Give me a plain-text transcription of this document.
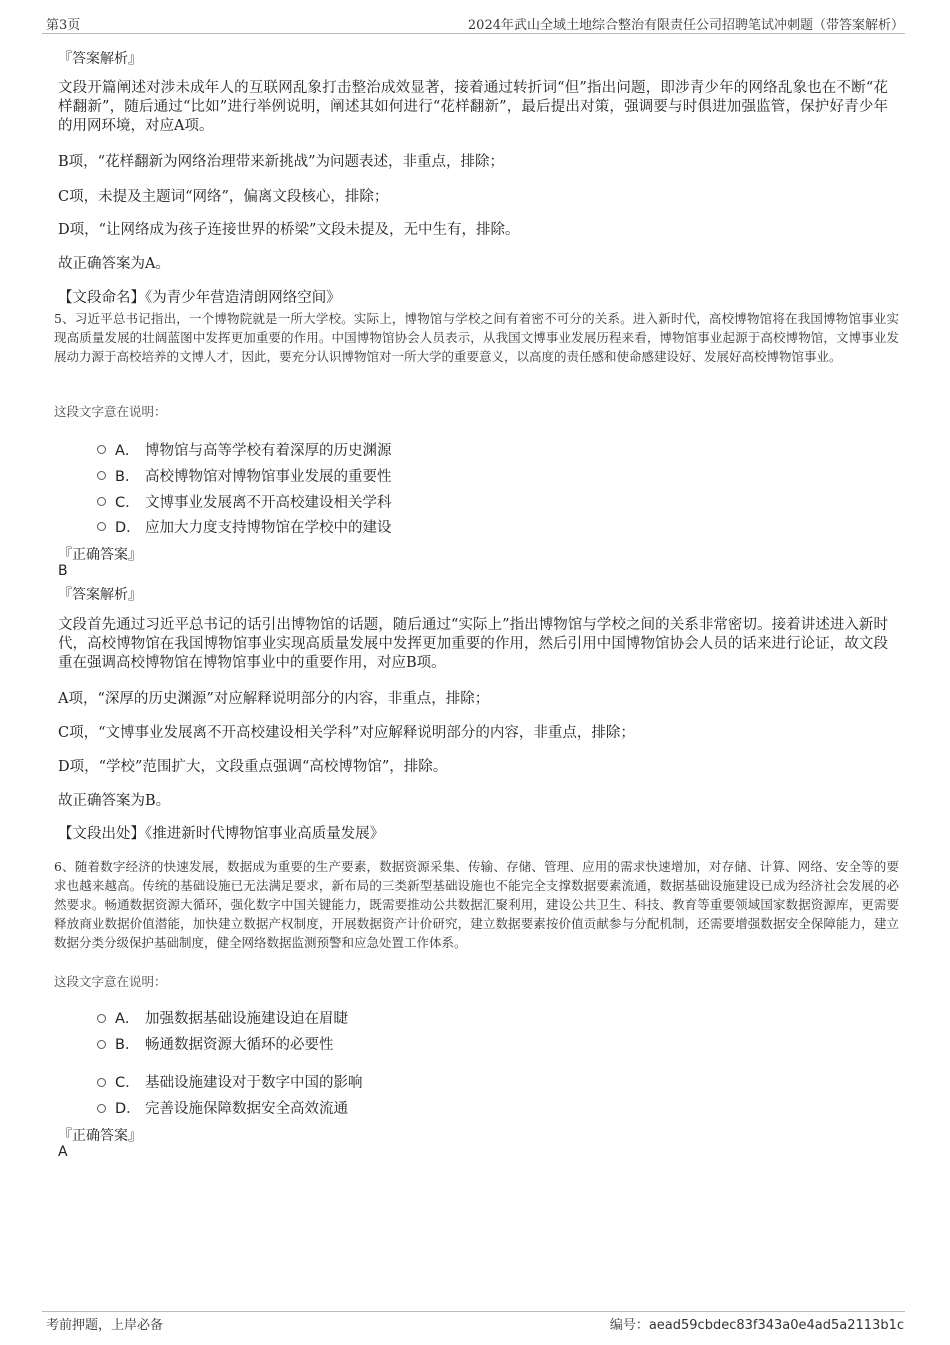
第3页	2024年武山全域土地综合整治有限责任公司招聘笔试冲刺题（带答案解析）
『答案解析』
文段开篇阐述对涉未成年人的互联网乱象打击整治成效显著，接着通过转折词“但”指出问题，即涉青少年的网络乱象也在不断“花样翻新”，随后通过“比如”进行举例说明，阐述其如何进行“花样翻新”，最后提出对策，强调要与时俱进加强监管，保护好青少年的用网环境，对应A项。
B项，“花样翻新为网络治理带来新挑战”为问题表述，非重点，排除；
C项，未提及主题词“网络”，偏离文段核心，排除；
D项，“让网络成为孩子连接世界的桥梁”文段未提及，无中生有，排除。
故正确答案为A。
【文段命名】《为青少年营造清朗网络空间》
5、习近平总书记指出，一个博物院就是一所大学校。实际上，博物馆与学校之间有着密不可分的关系。进入新时代，高校博物馆将在我国博物馆事业实现高质量发展的壮阔蓝图中发挥更加重要的作用。中国博物馆协会人员表示，从我国文博事业发展历程来看，博物馆事业起源于高校博物馆，文博事业发展动力源于高校培养的文博人才，因此，要充分认识博物馆对一所大学的重要意义，以高度的责任感和使命感建设好、发展好高校博物馆事业。
这段文字意在说明：
A． 博物馆与高等学校有着深厚的历史渊源
B． 高校博物馆对博物馆事业发展的重要性
C． 文博事业发展离不开高校建设相关学科
D． 应加大力度支持博物馆在学校中的建设
『正确答案』
B
『答案解析』
文段首先通过习近平总书记的话引出博物馆的话题，随后通过“实际上”指出博物馆与学校之间的关系非常密切。接着讲述进入新时代，高校博物馆在我国博物馆事业实现高质量发展中发挥更加重要的作用，然后引用中国博物馆协会人员的话来进行论证，故文段重在强调高校博物馆在博物馆事业中的重要作用，对应B项。
A项，“深厚的历史渊源”对应解释说明部分的内容，非重点，排除；
C项，“文博事业发展离不开高校建设相关学科”对应解释说明部分的内容，非重点，排除；
D项，“学校”范围扩大，文段重点强调“高校博物馆”，排除。
故正确答案为B。
【文段出处】《推进新时代博物馆事业高质量发展》
6、随着数字经济的快速发展，数据成为重要的生产要素，数据资源采集、传输、存储、管理、应用的需求快速增加，对存储、计算、网络、安全等的要求也越来越高。传统的基础设施已无法满足要求，新布局的三类新型基础设施也不能完全支撑数据要素流通，数据基础设施建设已成为经济社会发展的必然要求。畅通数据资源大循环，强化数字中国关键能力，既需要推动公共数据汇聚利用，建设公共卫生、科技、教育等重要领域国家数据资源库，更需要释放商业数据价值潜能，加快建立数据产权制度，开展数据资产计价研究，建立数据要素按价值贡献参与分配机制，还需要增强数据安全保障能力，建立数据分类分级保护基础制度，健全网络数据监测预警和应急处置工作体系。
这段文字意在说明：
A． 加强数据基础设施建设迫在眉睫
B． 畅通数据资源大循环的必要性
C． 基础设施建设对于数字中国的影响
D． 完善设施保障数据安全高效流通
『正确答案』
A
考前押题，上岸必备	编号：aead59cbdec83f343a0e4ad5a2113b1c
